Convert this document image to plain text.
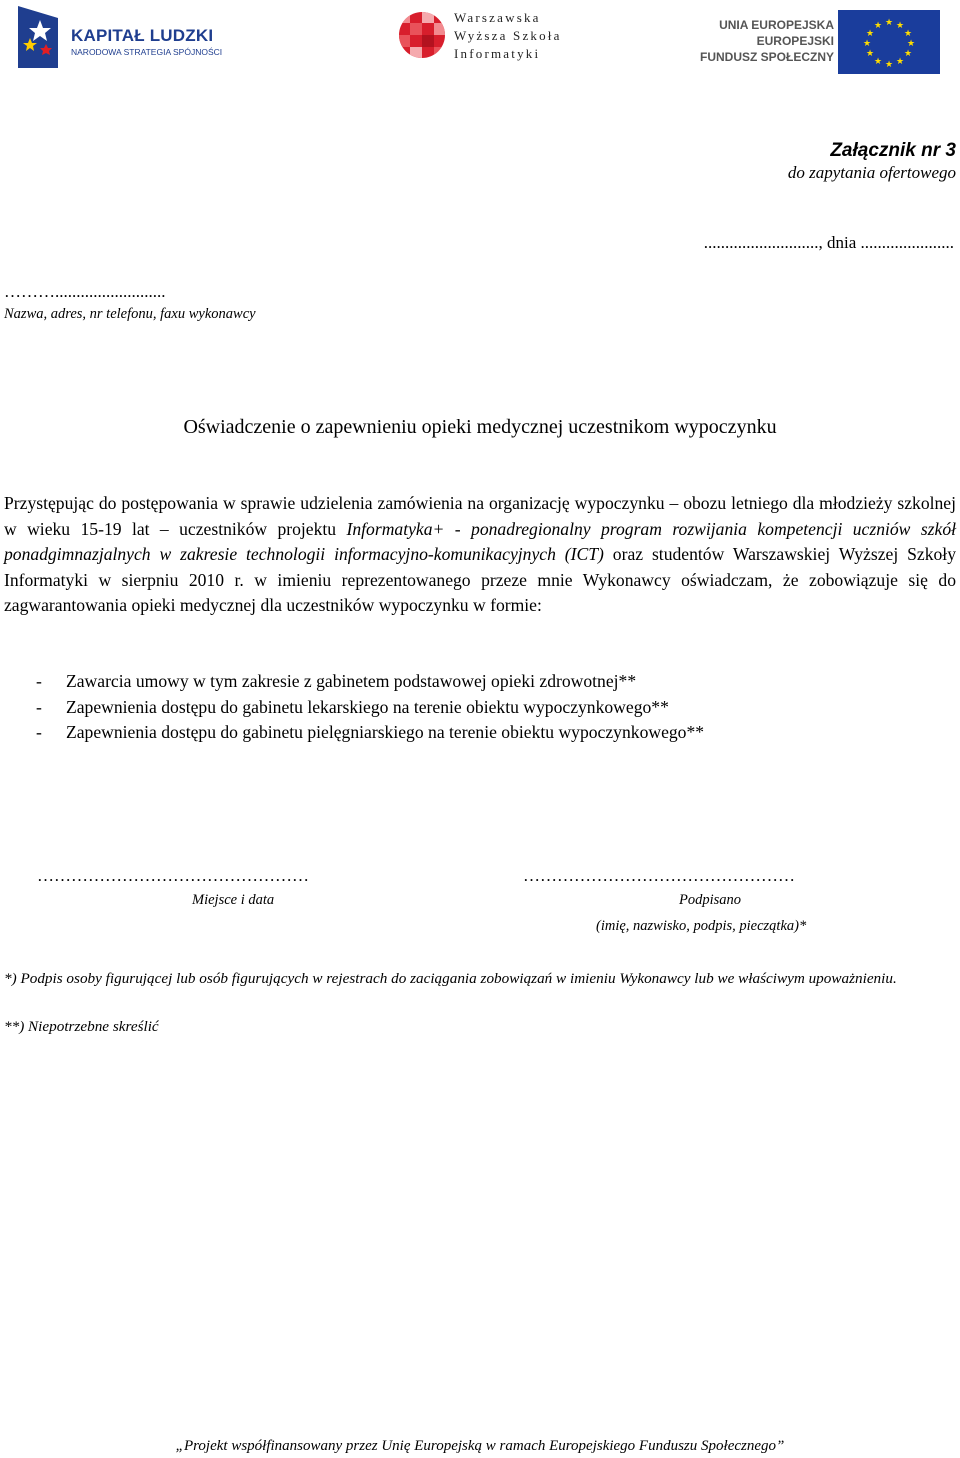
KAPITAŁ LUDZKI
NARODOWA STRATEGIA SPÓJNOŚCI
Warszawska
Wyższa Szkoła
Informatyki
UNIA EUROPEJSKA
EUROPEJSKI
FUNDUSZ SPOŁECZNY
★ ★
★
★
★
★
★
★
★
★
★
★
Załącznik nr 3
do zapytania ofertowego
..........................., dnia ......................
………..........................
Nazwa, adres, nr telefonu, faxu wykonawcy
Oświadczenie o zapewnieniu opieki medycznej uczestnikom wypoczynku
Przystępując do postępowania w sprawie udzielenia zamówienia na organizację wypoczynku – obozu letniego dla młodzieży szkolnej w wieku 15-19 lat – uczestników projektu Informatyka+ - ponadregionalny program rozwijania kompetencji uczniów szkół ponadgimnazjalnych w zakresie technologii informacyjno-komunikacyjnych (ICT) oraz studentów Warszawskiej Wyższej Szkoły Informatyki w sierpniu 2010 r. w imieniu reprezentowanego przeze mnie Wykonawcy oświadczam, że zobowiązuje się do zagwarantowania opieki medycznej dla uczestników wypoczynku w formie:
- Zawarcia umowy w tym zakresie z gabinetem podstawowej opieki zdrowotnej**
- Zapewnienia dostępu do gabinetu lekarskiego na terenie obiektu wypoczynkowego**
- Zapewnienia dostępu do gabinetu pielęgniarskiego na terenie obiektu wypoczynkowego**
…………………………………………	…………………………………………
Miejsce i data	Podpisano
(imię, nazwisko, podpis, pieczątka)*
*) Podpis osoby figurującej lub osób figurujących w rejestrach do zaciągania zobowiązań w imieniu Wykonawcy lub we właściwym upoważnieniu.
**) Niepotrzebne skreślić
„Projekt współfinansowany przez Unię Europejską w ramach Europejskiego Funduszu Społecznego”
